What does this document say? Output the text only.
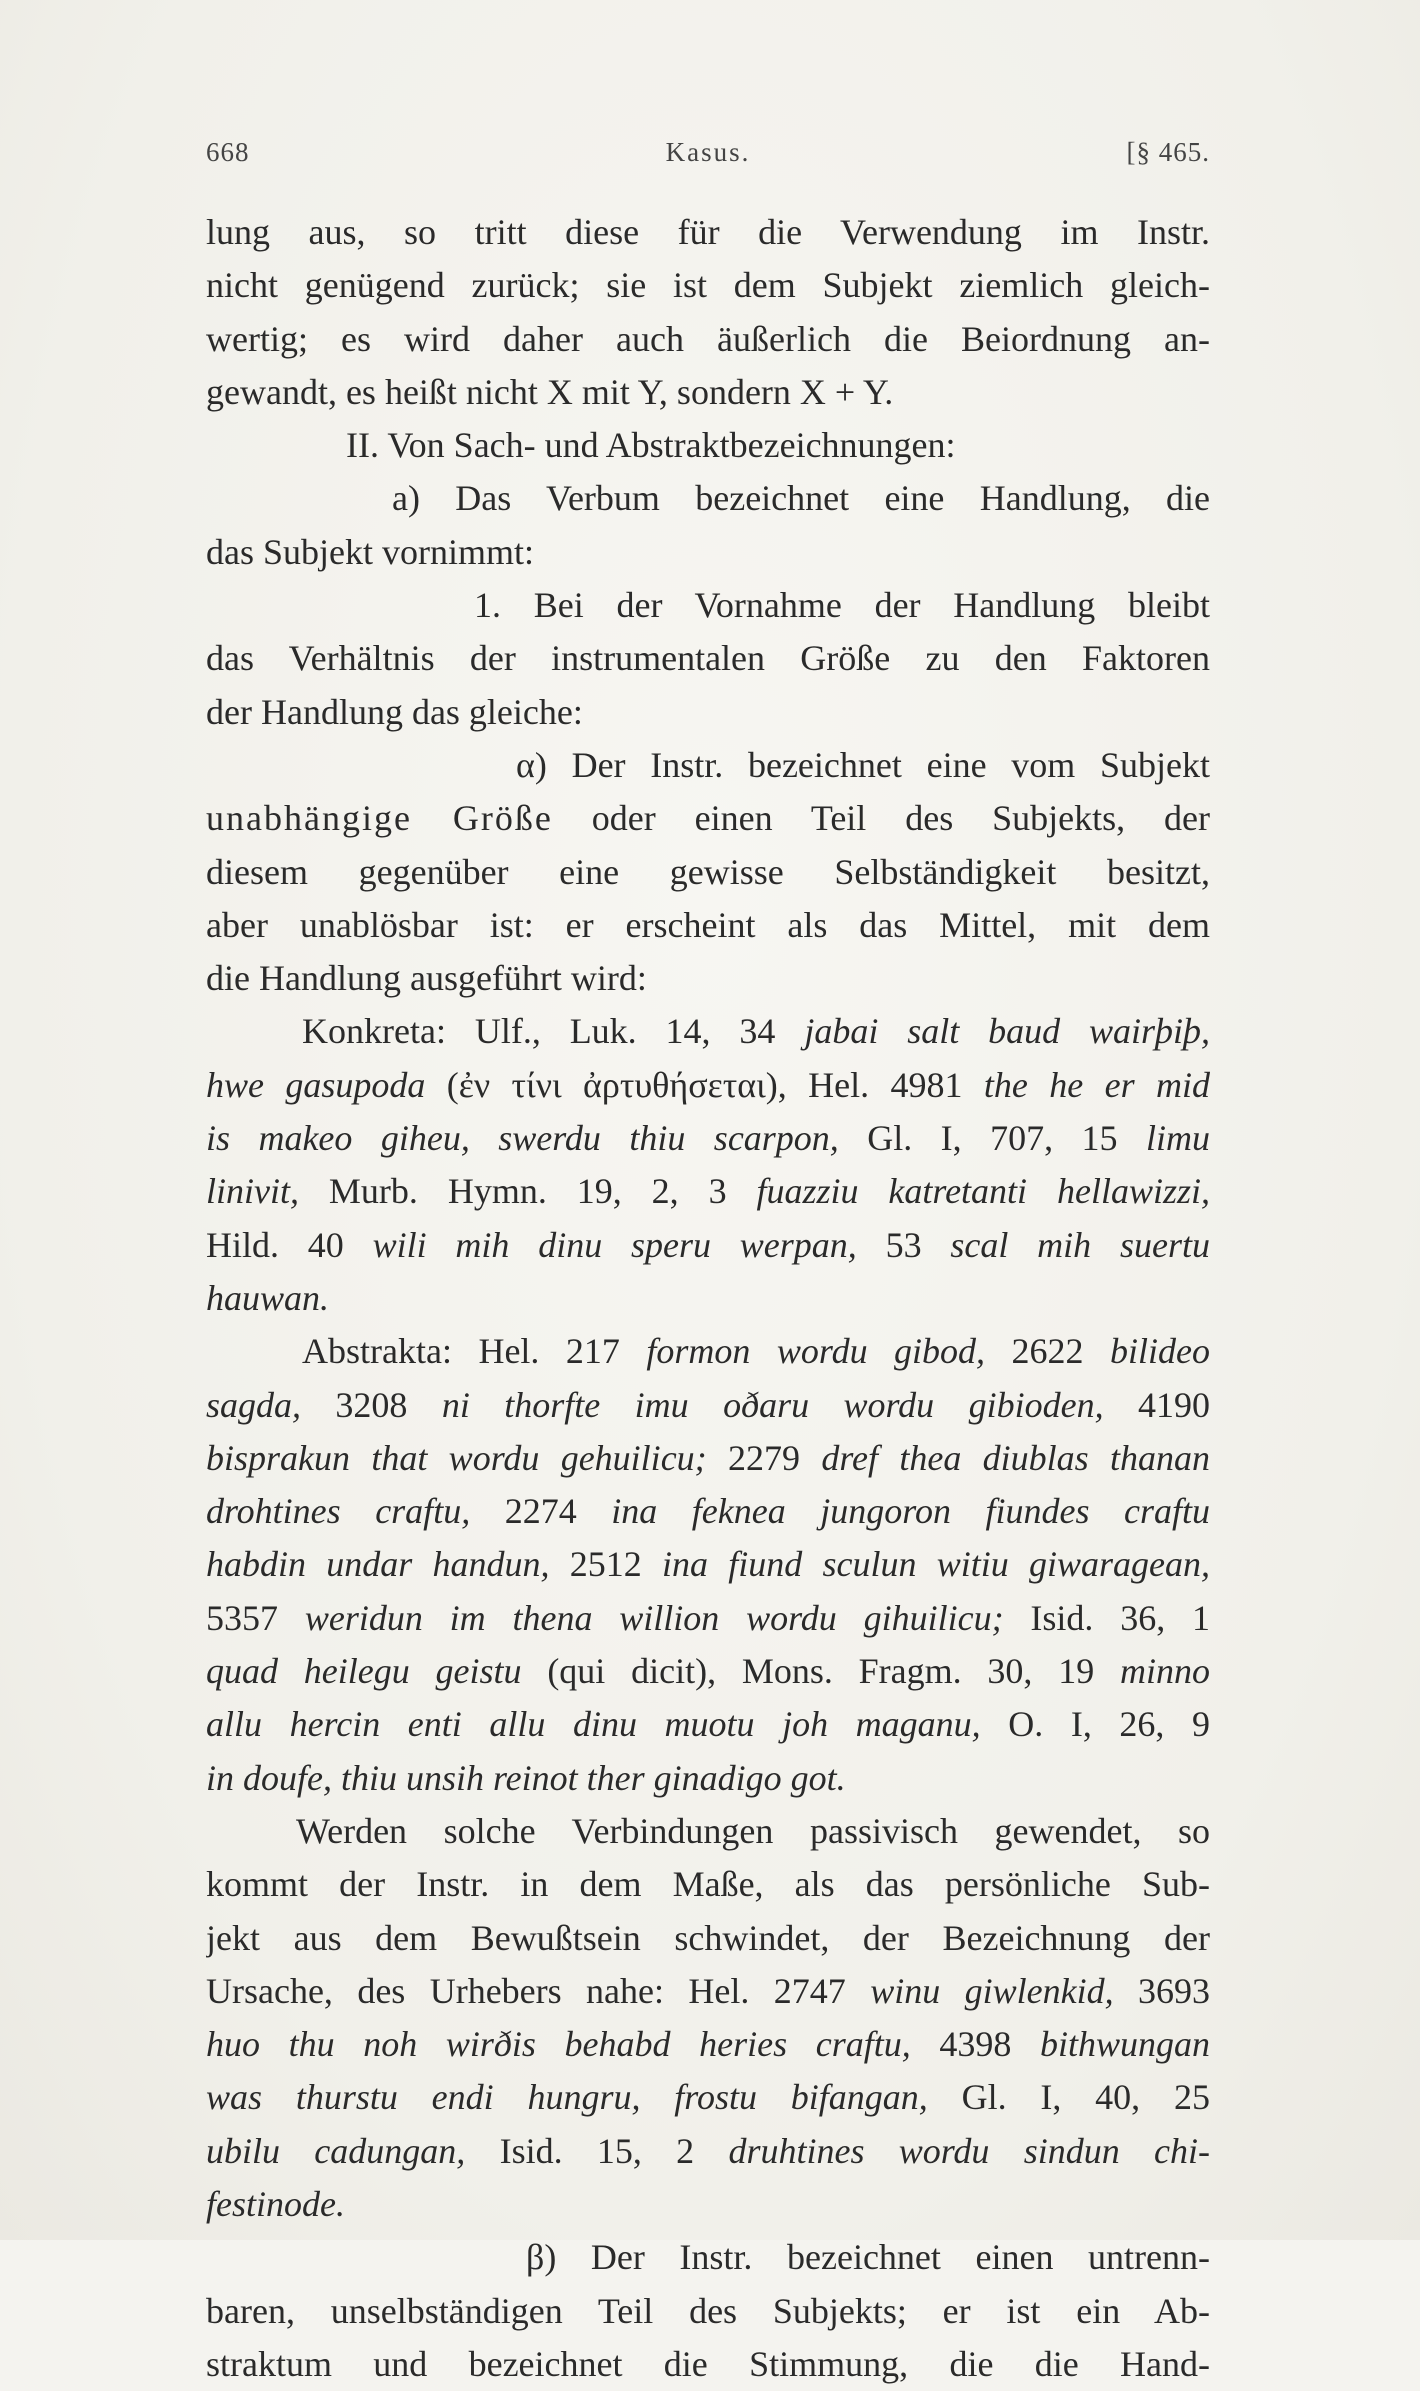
668	Kasus.	[§ 465.
lung aus, so tritt diese für die Verwendung im Instr.
nicht genügend zurück; sie ist dem Subjekt ziemlich gleich-
wertig; es wird daher auch äußerlich die Beiordnung an-
gewandt, es heißt nicht X mit Y, sondern X + Y.
II. Von Sach- und Abstraktbezeichnungen:
a) Das Verbum bezeichnet eine Handlung, die
das Subjekt vornimmt:
1. Bei der Vornahme der Handlung bleibt
das Verhältnis der instrumentalen Größe zu den Faktoren
der Handlung das gleiche:
α) Der Instr. bezeichnet eine vom Subjekt
unabhängige Größe oder einen Teil des Subjekts, der
diesem gegenüber eine gewisse Selbständigkeit besitzt,
aber unablösbar ist: er erscheint als das Mittel, mit dem
die Handlung ausgeführt wird:
Konkreta: Ulf., Luk. 14, 34 jabai salt baud wairþiþ,
hwe gasupoda (ἐν τίνι ἀρτυθήσεται), Hel. 4981 the he er mid
is makeo giheu, swerdu thiu scarpon, Gl. I, 707, 15 limu
linivit, Murb. Hymn. 19, 2, 3 fuazziu katretanti hellawizzi,
Hild. 40 wili mih dinu speru werpan, 53 scal mih suertu
hauwan.
Abstrakta: Hel. 217 formon wordu gibod, 2622 bilideo
sagda, 3208 ni thorfte imu oðaru wordu gibioden, 4190
bisprakun that wordu gehuilicu; 2279 dref thea diublas thanan
drohtines craftu, 2274 ina feknea jungoron fiundes craftu
habdin undar handun, 2512 ina fiund sculun witiu giwaragean,
5357 weridun im thena willion wordu gihuilicu; Isid. 36, 1
quad heilegu geistu (qui dicit), Mons. Fragm. 30, 19 minno
allu hercin enti allu dinu muotu joh maganu, O. I, 26, 9
in doufe, thiu unsih reinot ther ginadigo got.
Werden solche Verbindungen passivisch gewendet, so
kommt der Instr. in dem Maße, als das persönliche Sub-
jekt aus dem Bewußtsein schwindet, der Bezeichnung der
Ursache, des Urhebers nahe: Hel. 2747 winu giwlenkid, 3693
huo thu noh wirðis behabd heries craftu, 4398 bithwungan
was thurstu endi hungru, frostu bifangan, Gl. I, 40, 25
ubilu cadungan, Isid. 15, 2 druhtines wordu sindun chi-
festinode.
β) Der Instr. bezeichnet einen untrenn-
baren, unselbständigen Teil des Subjekts; er ist ein Ab-
straktum und bezeichnet die Stimmung, die die Hand-
